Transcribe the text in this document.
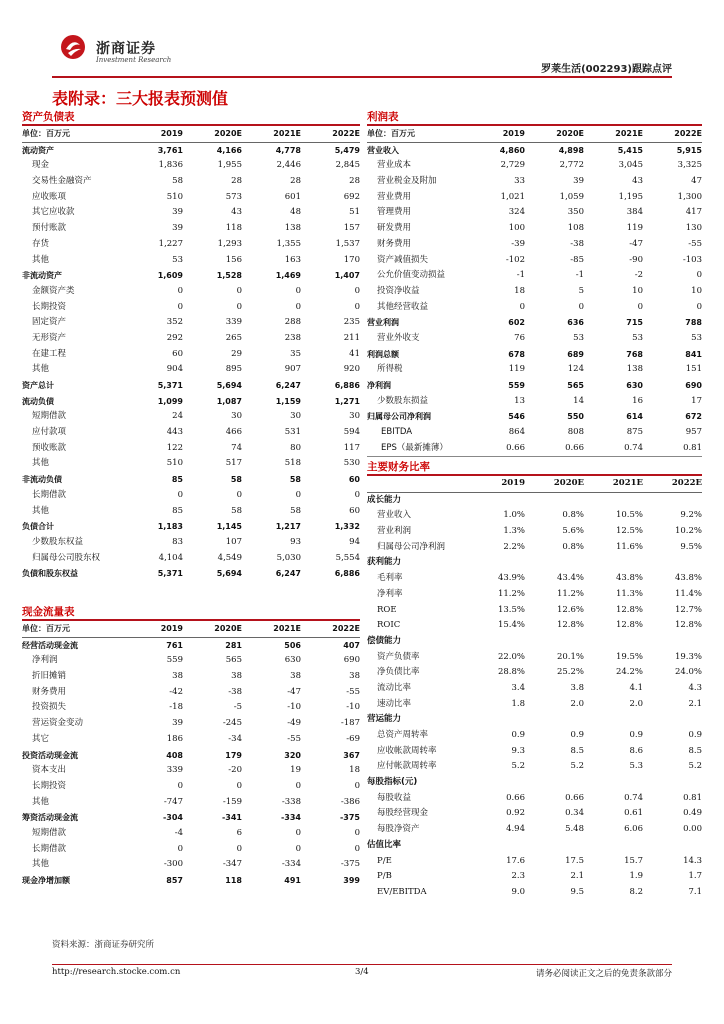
浙商证券
Investment Research
罗莱生活(002293)跟踪点评
表附录：三大报表预测值
资产负债表
单位：百万元	2019	2020E	2021E	2022E
流动资产	3,761	4,166	4,778	5,479
现金	1,836	1,955	2,446	2,845
交易性金融资产	58	28	28	28
应收账项	510	573	601	692
其它应收款	39	43	48	51
预付账款	39	118	138	157
存货	1,227	1,293	1,355	1,537
其他	53	156	163	170
非流动资产	1,609	1,528	1,469	1,407
金额资产类	0	0	0	0
长期投资	0	0	0	0
固定资产	352	339	288	235
无形资产	292	265	238	211
在建工程	60	29	35	41
其他	904	895	907	920
资产总计	5,371	5,694	6,247	6,886
流动负债	1,099	1,087	1,159	1,271
短期借款	24	30	30	30
应付款项	443	466	531	594
预收账款	122	74	80	117
其他	510	517	518	530
非流动负债	85	58	58	60
长期借款	0	0	0	0
其他	85	58	58	60
负债合计	1,183	1,145	1,217	1,332
少数股东权益	83	107	93	94
归属母公司股东权	4,104	4,549	5,030	5,554
负债和股东权益	5,371	5,694	6,247	6,886
现金流量表
单位：百万元	2019	2020E	2021E	2022E
经营活动现金流	761	281	506	407
净利润	559	565	630	690
折旧摊销	38	38	38	38
财务费用	-42	-38	-47	-55
投资损失	-18	-5	-10	-10
营运资金变动	39	-245	-49	-187
其它	186	-34	-55	-69
投资活动现金流	408	179	320	367
资本支出	339	-20	19	18
长期投资	0	0	0	0
其他	-747	-159	-338	-386
筹资活动现金流	-304	-341	-334	-375
短期借款	-4	6	0	0
长期借款	0	0	0	0
其他	-300	-347	-334	-375
现金净增加额	857	118	491	399
利润表
单位：百万元	2019	2020E	2021E	2022E
营业收入	4,860	4,898	5,415	5,915
营业成本	2,729	2,772	3,045	3,325
营业税金及附加	33	39	43	47
营业费用	1,021	1,059	1,195	1,300
管理费用	324	350	384	417
研发费用	100	108	119	130
财务费用	-39	-38	-47	-55
资产减值损失	-102	-85	-90	-103
公允价值变动损益	-1	-1	-2	0
投资净收益	18	5	10	10
其他经营收益	0	0	0	0
营业利润	602	636	715	788
营业外收支	76	53	53	53
利润总额	678	689	768	841
所得税	119	124	138	151
净利润	559	565	630	690
少数股东损益	13	14	16	17
归属母公司净利润	546	550	614	672
EBITDA	864	808	875	957
EPS（最新摊薄）	0.66	0.66	0.74	0.81
主要财务比率
2019	2020E	2021E	2022E
成长能力
营业收入	1.0%	0.8%	10.5%	9.2%
营业利润	1.3%	5.6%	12.5%	10.2%
归属母公司净利润	2.2%	0.8%	11.6%	9.5%
获利能力
毛利率	43.9%	43.4%	43.8%	43.8%
净利率	11.2%	11.2%	11.3%	11.4%
ROE	13.5%	12.6%	12.8%	12.7%
ROIC	15.4%	12.8%	12.8%	12.8%
偿债能力
资产负债率	22.0%	20.1%	19.5%	19.3%
净负债比率	28.8%	25.2%	24.2%	24.0%
流动比率	3.4	3.8	4.1	4.3
速动比率	1.8	2.0	2.0	2.1
营运能力
总资产周转率	0.9	0.9	0.9	0.9
应收帐款周转率	9.3	8.5	8.6	8.5
应付帐款周转率	5.2	5.2	5.3	5.2
每股指标(元)
每股收益	0.66	0.66	0.74	0.81
每股经营现金	0.92	0.34	0.61	0.49
每股净资产	4.94	5.48	6.06	0.00
估值比率
P/E	17.6	17.5	15.7	14.3
P/B	2.3	2.1	1.9	1.7
EV/EBITDA	9.0	9.5	8.2	7.1
资料来源：浙商证券研究所
http://research.stocke.com.cn	3/4	请务必阅读正文之后的免责条款部分
